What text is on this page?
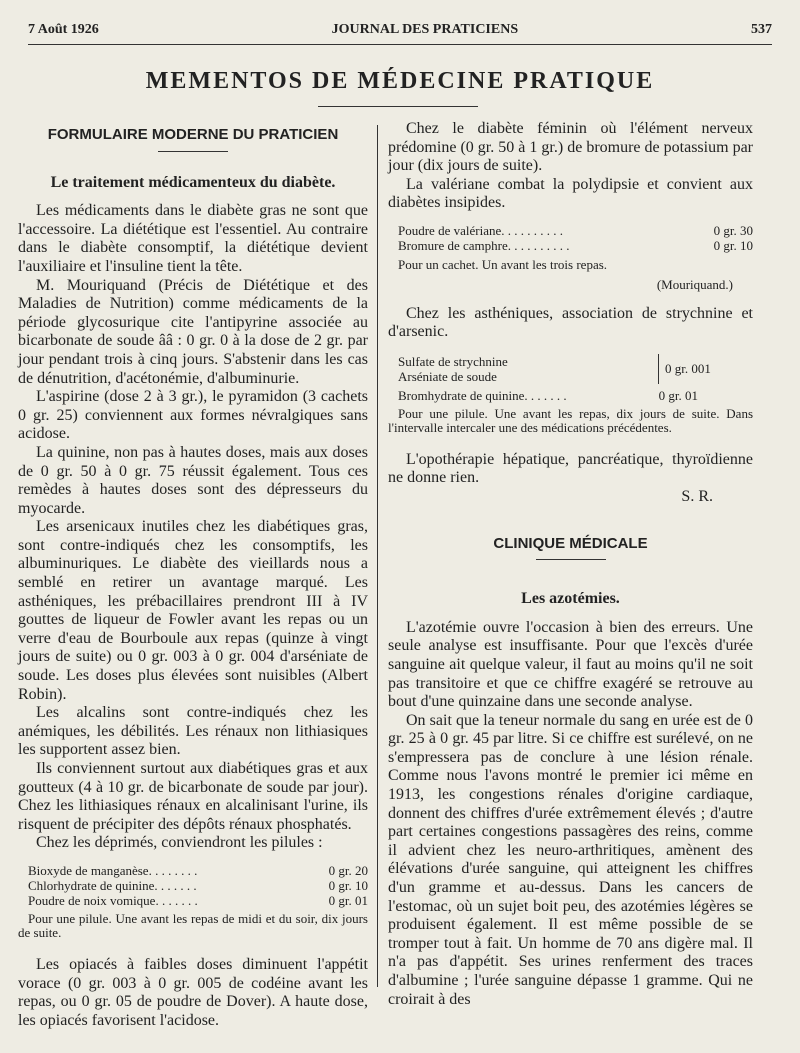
7 Août 1926	JOURNAL DES PRATICIENS	537
MEMENTOS DE MÉDECINE PRATIQUE
FORMULAIRE MODERNE DU PRATICIEN
Le traitement médicamenteux du diabète.

Les médicaments dans le diabète gras ne sont que l'accessoire. La diététique est l'essentiel. Au contraire dans le diabète consomptif, la diététique devient l'auxiliaire et l'insuline tient la tête.

M. Mouriquand (Précis de Diététique et des Maladies de Nutrition) comme médicaments de la période glycosurique cite l'antipyrine associée au bicarbonate de soude ââ : 0 gr. 0 à la dose de 2 gr. par jour pendant trois à cinq jours. S'abstenir dans les cas de dénutrition, d'acétonémie, d'albuminurie.

L'aspirine (dose 2 à 3 gr.), le pyramidon (3 cachets 0 gr. 25) conviennent aux formes névralgiques sans acidose.

La quinine, non pas à hautes doses, mais aux doses de 0 gr. 50 à 0 gr. 75 réussit également. Tous ces remèdes à hautes doses sont des dépresseurs du myocarde.

Les arsenicaux inutiles chez les diabétiques gras, sont contre-indiqués chez les consomptifs, les albuminuriques. Le diabète des vieillards nous a semblé en retirer un avantage marqué. Les asthéniques, les prébacillaires prendront III à IV gouttes de liqueur de Fowler avant les repas ou un verre d'eau de Bourboule aux repas (quinze à vingt jours de suite) ou 0 gr. 003 à 0 gr. 004 d'arséniate de soude. Les doses plus élevées sont nuisibles (Albert Robin).

Les alcalins sont contre-indiqués chez les anémiques, les débilités. Les rénaux non lithiasiques les supportent assez bien.

Ils conviennent surtout aux diabétiques gras et aux goutteux (4 à 10 gr. de bicarbonate de soude par jour). Chez les lithiasiques rénaux en alcalinisant l'urine, ils risquent de précipiter des dépôts rénaux phosphatés.

Chez les déprimés, conviendront les pilules :

Bioxyde de manganèse . . . . . . . .	0 gr. 20
Chlorhydrate de quinine . . . . . . .	0 gr. 10
Poudre de noix vomique . . . . . . .	0 gr. 01
Pour une pilule. Une avant les repas de midi et du soir, dix jours de suite.

Les opiacés à faibles doses diminuent l'appétit vorace (0 gr. 003 à 0 gr. 005 de codéine avant les repas, ou 0 gr. 05 de poudre de Dover). A haute dose, les opiacés favorisent l'acidose.

Chez le diabète féminin où l'élément nerveux prédomine (0 gr. 50 à 1 gr.) de bromure de potassium par jour (dix jours de suite).

La valériane combat la polydipsie et convient aux diabètes insipides.

Poudre de valériane . . . . . . . . . .	0 gr. 30
Bromure de camphre . . . . . . . . . .	0 gr. 10
Pour un cachet. Un avant les trois repas.
(Mouriquand.)

Chez les asthéniques, association de strychnine et d'arsenic.

Sulfate de strychnine
Arséniate de soude	0 gr. 001
Bromhydrate de quinine . . . . . . .	0 gr. 01
Pour une pilule. Une avant les repas, dix jours de suite. Dans l'intervalle intercaler une des médications précédentes.

L'opothérapie hépatique, pancréatique, thyroïdienne ne donne rien.

S. R.
CLINIQUE MÉDICALE
Les azotémies.

L'azotémie ouvre l'occasion à bien des erreurs. Une seule analyse est insuffisante. Pour que l'excès d'urée sanguine ait quelque valeur, il faut au moins qu'il ne soit pas transitoire et que ce chiffre exagéré se retrouve au bout d'une quinzaine dans une seconde analyse.

On sait que la teneur normale du sang en urée est de 0 gr. 25 à 0 gr. 45 par litre. Si ce chiffre est surélevé, on ne s'empressera pas de conclure à une lésion rénale. Comme nous l'avons montré le premier ici même en 1913, les congestions rénales d'origine cardiaque, donnent des chiffres d'urée extrêmement élevés ; d'autre part certaines congestions passagères des reins, comme il advient chez les neuro-arthritiques, amènent des élévations d'urée sanguine, qui atteignent les chiffres d'un gramme et au-dessus. Dans les cancers de l'estomac, où un sujet boit peu, des azotémies légères se produisent également. Il est même possible de se tromper tout à fait. Un homme de 70 ans digère mal. Il n'a pas d'appétit. Ses urines renferment des traces d'albumine ; l'urée sanguine dépasse 1 gramme. Qui ne croirait à des
